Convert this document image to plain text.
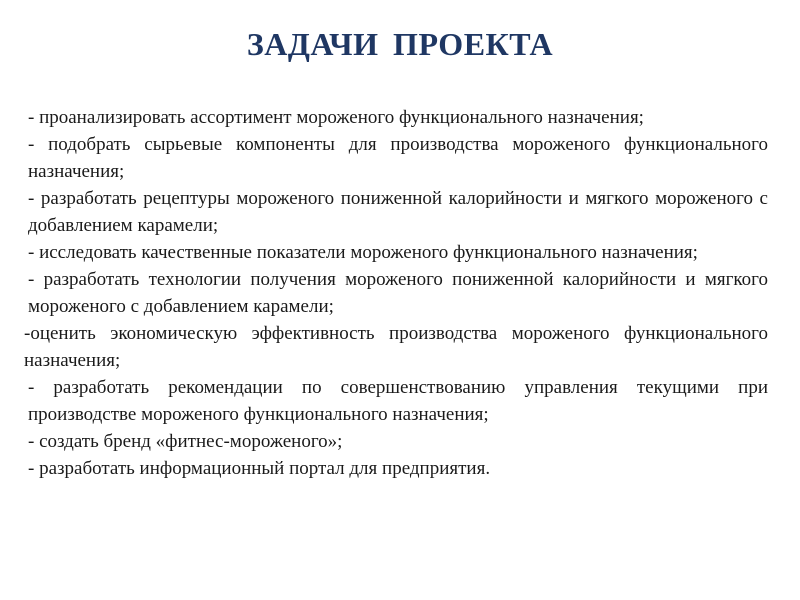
ЗАДАЧИ ПРОЕКТА
- проанализировать ассортимент мороженого функционального назначения;
- подобрать сырьевые компоненты для производства мороженого функционального назначения;
- разработать рецептуры мороженого пониженной калорийности и мягкого мороженого с добавлением карамели;
- исследовать качественные показатели мороженого функционального назначения;
- разработать технологии получения мороженого пониженной калорийности и мягкого мороженого с добавлением карамели;
-оценить экономическую эффективность производства мороженого функционального назначения;
- разработать рекомендации по совершенствованию управления текущими при производстве мороженого функционального назначения;
- создать бренд «фитнес-мороженого»;
- разработать информационный портал для предприятия.
